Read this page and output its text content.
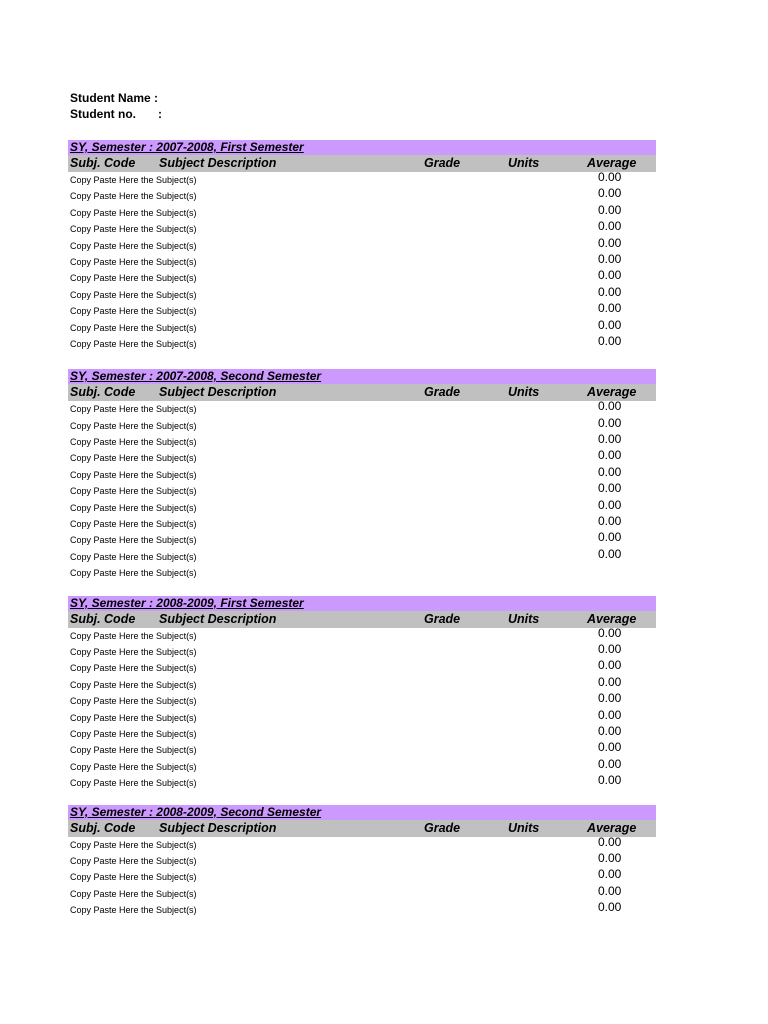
Student Name :
Student no. :
SY, Semester : 2007-2008, First Semester
Subj. Code Subject Description	Grade	Units	Average
Copy Paste Here the Subject(s)	0.00
Copy Paste Here the Subject(s)	0.00
Copy Paste Here the Subject(s)	0.00
Copy Paste Here the Subject(s)	0.00
Copy Paste Here the Subject(s)	0.00
Copy Paste Here the Subject(s)	0.00
Copy Paste Here the Subject(s)	0.00
Copy Paste Here the Subject(s)	0.00
Copy Paste Here the Subject(s)	0.00
Copy Paste Here the Subject(s)	0.00
Copy Paste Here the Subject(s)	0.00
SY, Semester : 2007-2008, Second Semester
Subj. Code Subject Description	Grade	Units	Average
Copy Paste Here the Subject(s)	0.00
Copy Paste Here the Subject(s)	0.00
Copy Paste Here the Subject(s)	0.00
Copy Paste Here the Subject(s)	0.00
Copy Paste Here the Subject(s)	0.00
Copy Paste Here the Subject(s)	0.00
Copy Paste Here the Subject(s)	0.00
Copy Paste Here the Subject(s)	0.00
Copy Paste Here the Subject(s)	0.00
Copy Paste Here the Subject(s)	0.00
Copy Paste Here the Subject(s)
SY, Semester : 2008-2009, First Semester
Subj. Code Subject Description	Grade	Units	Average
Copy Paste Here the Subject(s)	0.00
Copy Paste Here the Subject(s)	0.00
Copy Paste Here the Subject(s)	0.00
Copy Paste Here the Subject(s)	0.00
Copy Paste Here the Subject(s)	0.00
Copy Paste Here the Subject(s)	0.00
Copy Paste Here the Subject(s)	0.00
Copy Paste Here the Subject(s)	0.00
Copy Paste Here the Subject(s)	0.00
Copy Paste Here the Subject(s)	0.00
SY, Semester : 2008-2009, Second Semester
Subj. Code Subject Description	Grade	Units	Average
Copy Paste Here the Subject(s)	0.00
Copy Paste Here the Subject(s)	0.00
Copy Paste Here the Subject(s)	0.00
Copy Paste Here the Subject(s)	0.00
Copy Paste Here the Subject(s)	0.00
